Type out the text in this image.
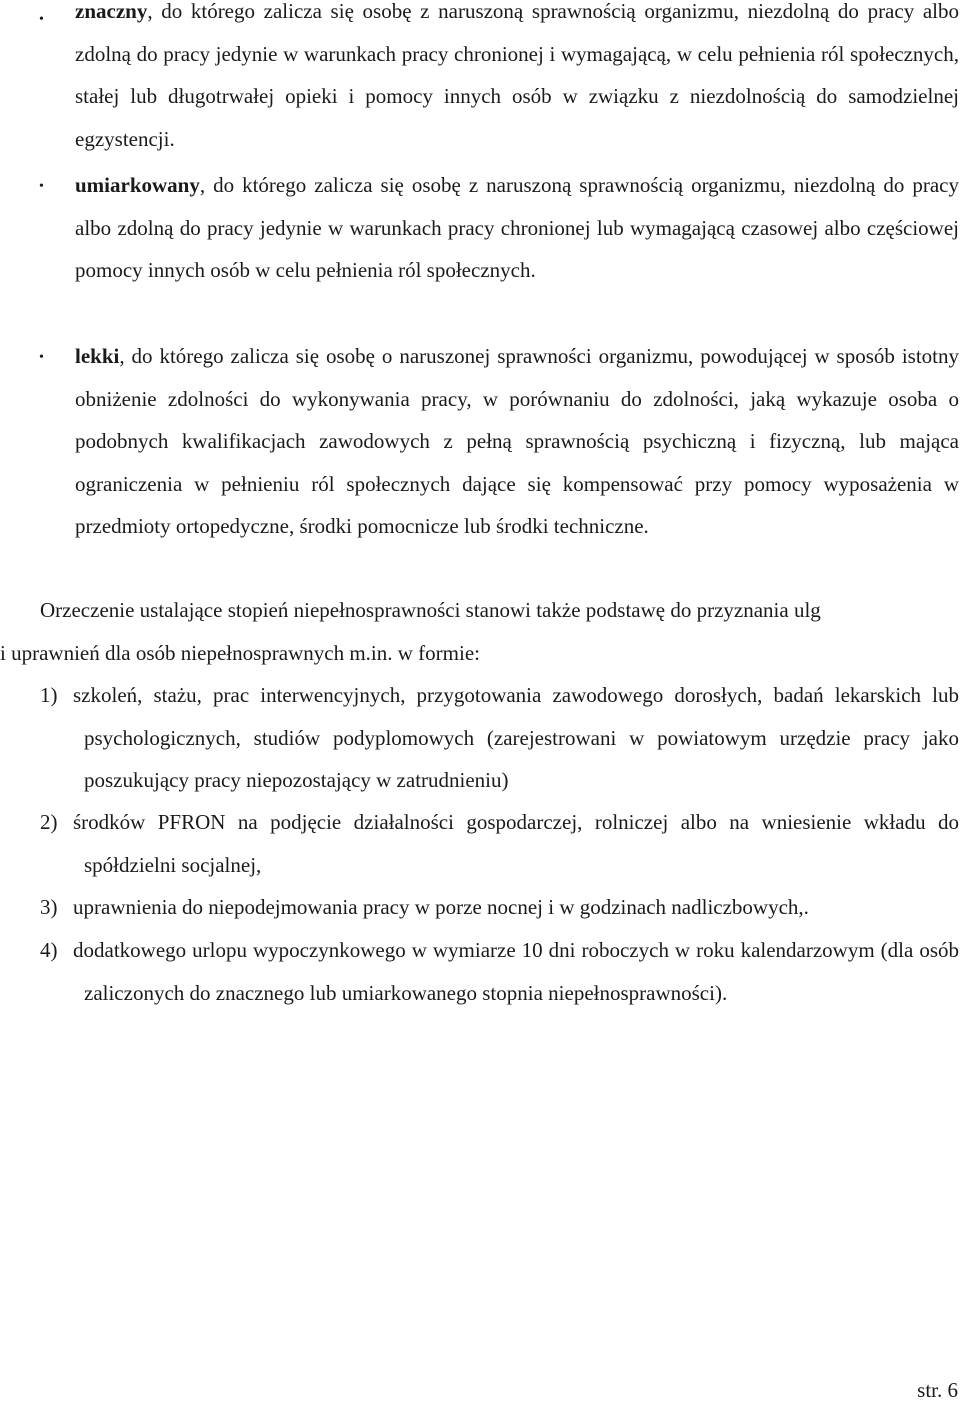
• znaczny, do którego zalicza się osobę z naruszoną sprawnością organizmu, niezdolną do pracy albo zdolną do pracy jedynie w warunkach pracy chronionej i wymagającą, w celu pełnienia ról społecznych, stałej lub długotrwałej opieki i pomocy innych osób w związku z niezdolnością do samodzielnej egzystencji.
• umiarkowany, do którego zalicza się osobę z naruszoną sprawnością organizmu, niezdolną do pracy albo zdolną do pracy jedynie w warunkach pracy chronionej lub wymagającą czasowej albo częściowej pomocy innych osób w celu pełnienia ról społecznych.
• lekki, do którego zalicza się osobę o naruszonej sprawności organizmu, powodującej w sposób istotny obniżenie zdolności do wykonywania pracy, w porównaniu do zdolności, jaką wykazuje osoba o podobnych kwalifikacjach zawodowych z pełną sprawnością psychiczną i fizyczną, lub mająca ograniczenia w pełnieniu ról społecznych dające się kompensować przy pomocy wyposażenia w przedmioty ortopedyczne, środki pomocnicze lub środki techniczne.
Orzeczenie ustalające stopień niepełnosprawności stanowi także podstawę do przyznania ulg
i uprawnień dla osób niepełnosprawnych m.in. w formie:
1) szkoleń, stażu, prac interwencyjnych, przygotowania zawodowego dorosłych, badań lekarskich lub psychologicznych, studiów podyplomowych (zarejestrowani w powiatowym urzędzie pracy jako poszukujący pracy niepozostający w zatrudnieniu)
2) środków PFRON na podjęcie działalności gospodarczej, rolniczej albo na wniesienie wkładu do spółdzielni socjalnej,
3) uprawnienia do niepodejmowania pracy w porze nocnej i w godzinach nadliczbowych,.
4) dodatkowego urlopu wypoczynkowego w wymiarze 10 dni roboczych w roku kalendarzowym (dla osób zaliczonych do znacznego lub umiarkowanego stopnia niepełnosprawności).
str. 6
